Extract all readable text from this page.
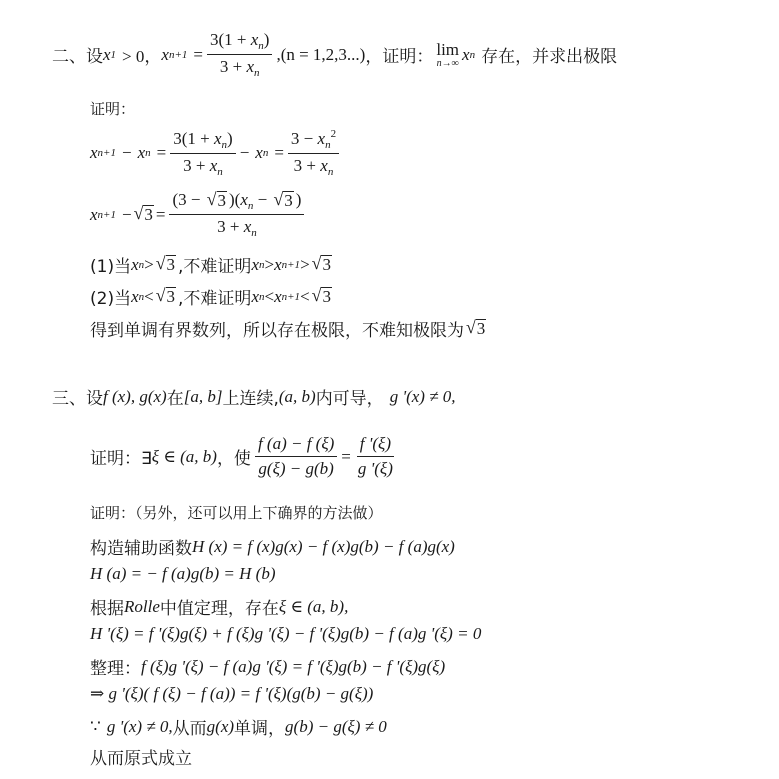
二、 设 x 1 > 0， x $n+1 = \frac{3(1 + x_n)}{3 + x_n} ,(n = 1,2,3...)$ ，证明： lim
n→∞ x n 存在，并求出极限
证明：
x n+1 − x $n = \frac{3(1 + x_n)}{3 + x_n} - x$ $n = \frac{3 - x_n^2}{3 + x_n}$
x n+1 − √ $3 = \frac{(3 - √ 3 )(x_n - √ 3 )}{3 + x_n}$
(1)当 x n > √ 3 ,不难证明 x n > x n+1 > √ 3
(2)当 x n < √ 3 ,不难证明 x n < x n+1 < √ 3
得到单调有界数列，所以存在极限，不难知极限为 √ 3
三、 设 f (x), g(x) 在 [a, b] 上连续, (a, b) 内可导， g '(x) ≠ 0,
证明：∃ ξ ∈ (a, b) ，使 $\frac{f (a) - f (\xi)}{g(\xi) - g(b)} = \frac{f '(\xi)}{g '(\xi)}$
证明：（另外，还可以用上下确界的方法做）
构造辅助函数 H (x) = f (x)g(x) − f (x)g(b) − f (a)g(x)
H (a) = − f (a)g(b) = H (b)
根据 Rolle 中值定理，存在 ξ ∈ (a, b),
H '(ξ) = f '(ξ)g(ξ) + f (ξ)g '(ξ) − f '(ξ)g(b) − f (a)g '(ξ) = 0
整理： f (ξ)g '(ξ) − f (a)g '(ξ) = f '(ξ)g(b) − f '(ξ)g(ξ)
⇒ g '(ξ)( f (ξ) − f (a)) = f '(ξ)(g(b) − g(ξ))
∵ g '(x) ≠ 0, 从而 g(x) 单调， g(b) − g(ξ) ≠ 0
从而原式成立
